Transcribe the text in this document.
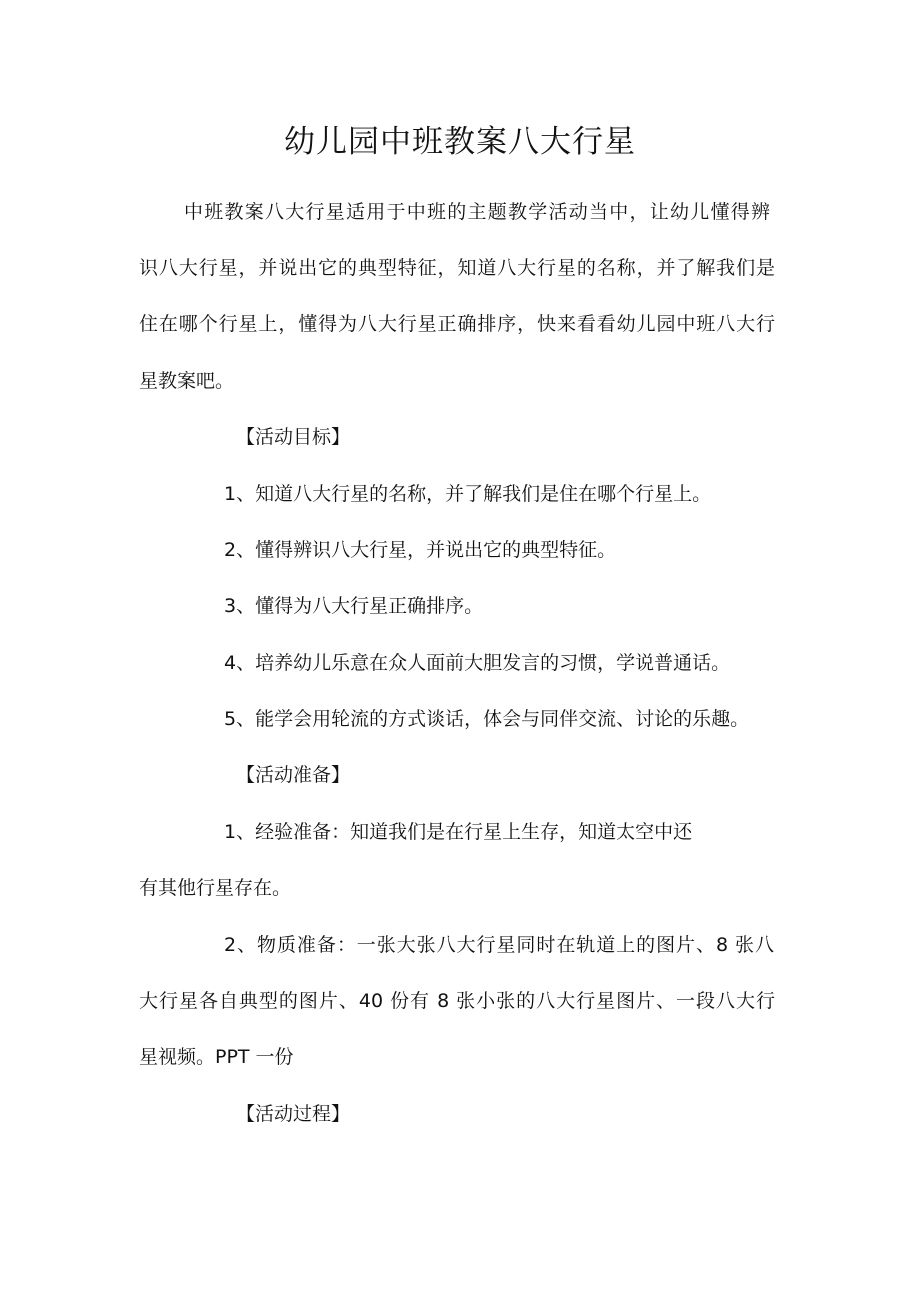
幼儿园中班教案八大行星
中班教案八大行星适用于中班的主题教学活动当中，让幼儿懂得辨
识八大行星，并说出它的典型特征，知道八大行星的名称，并了解我们是
住在哪个行星上，懂得为八大行星正确排序，快来看看幼儿园中班八大行
星教案吧。
【活动目标】
1、知道八大行星的名称，并了解我们是住在哪个行星上。
2、懂得辨识八大行星，并说出它的典型特征。
3、懂得为八大行星正确排序。
4、培养幼儿乐意在众人面前大胆发言的习惯，学说普通话。
5、能学会用轮流的方式谈话，体会与同伴交流、讨论的乐趣。
【活动准备】
1、经验准备：知道我们是在行星上生存，知道太空中还
有其他行星存在。
2、物质准备：一张大张八大行星同时在轨道上的图片、8 张八
大行星各自典型的图片、40 份有 8 张小张的八大行星图片、一段八大行
星视频。PPT 一份
【活动过程】
